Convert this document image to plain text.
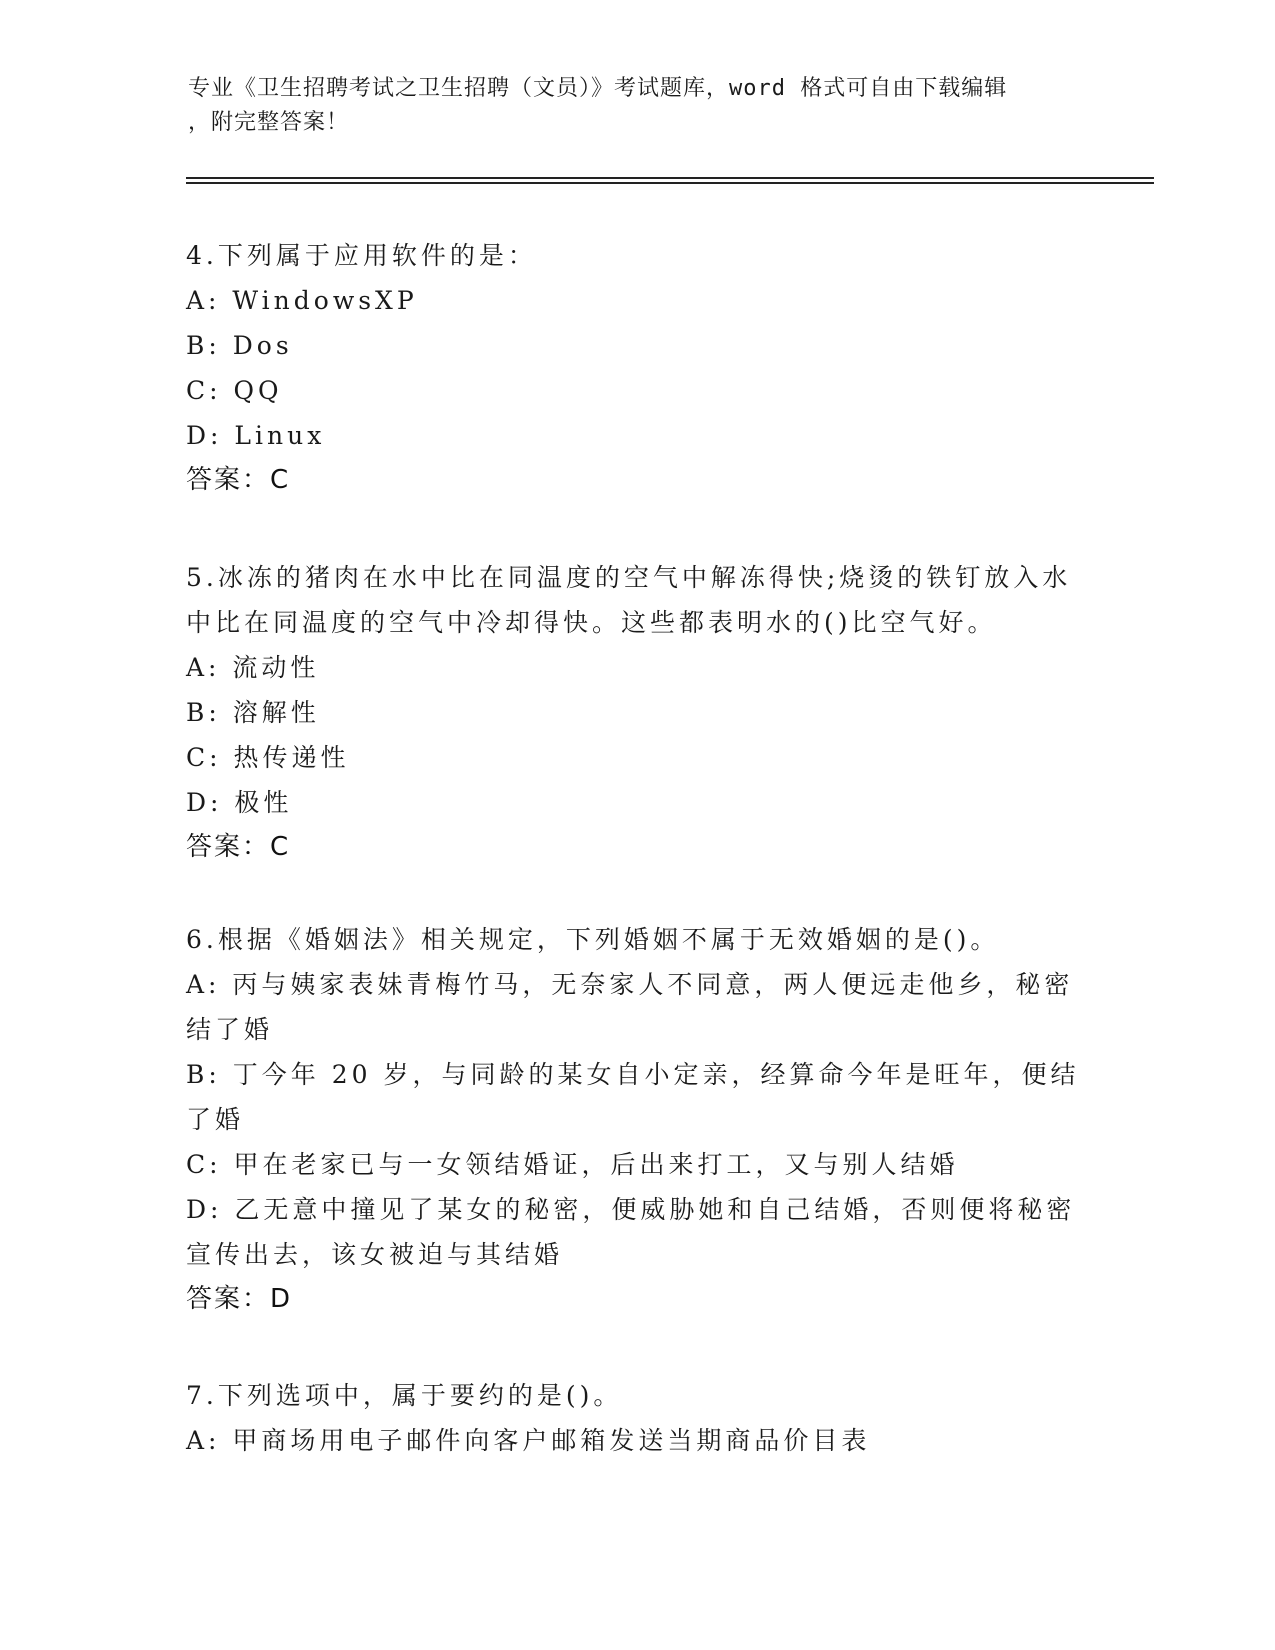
专业《卫生招聘考试之卫生招聘（文员）》考试题库，word 格式可自由下载编辑
，附完整答案！
4.下列属于应用软件的是：
A: WindowsXP
B: Dos
C: QQ
D: Linux
答案：C
5.冰冻的猪肉在水中比在同温度的空气中解冻得快;烧烫的铁钉放入水中比在同温度的空气中冷却得快。这些都表明水的()比空气好。
A: 流动性
B: 溶解性
C: 热传递性
D: 极性
答案：C
6.根据《婚姻法》相关规定，下列婚姻不属于无效婚姻的是()。
A: 丙与姨家表妹青梅竹马，无奈家人不同意，两人便远走他乡，秘密结了婚
B: 丁今年 20 岁，与同龄的某女自小定亲，经算命今年是旺年，便结了婚
C: 甲在老家已与一女领结婚证，后出来打工，又与别人结婚
D: 乙无意中撞见了某女的秘密，便威胁她和自己结婚，否则便将秘密宣传出去，该女被迫与其结婚
答案：D
7.下列选项中，属于要约的是()。
A: 甲商场用电子邮件向客户邮箱发送当期商品价目表
